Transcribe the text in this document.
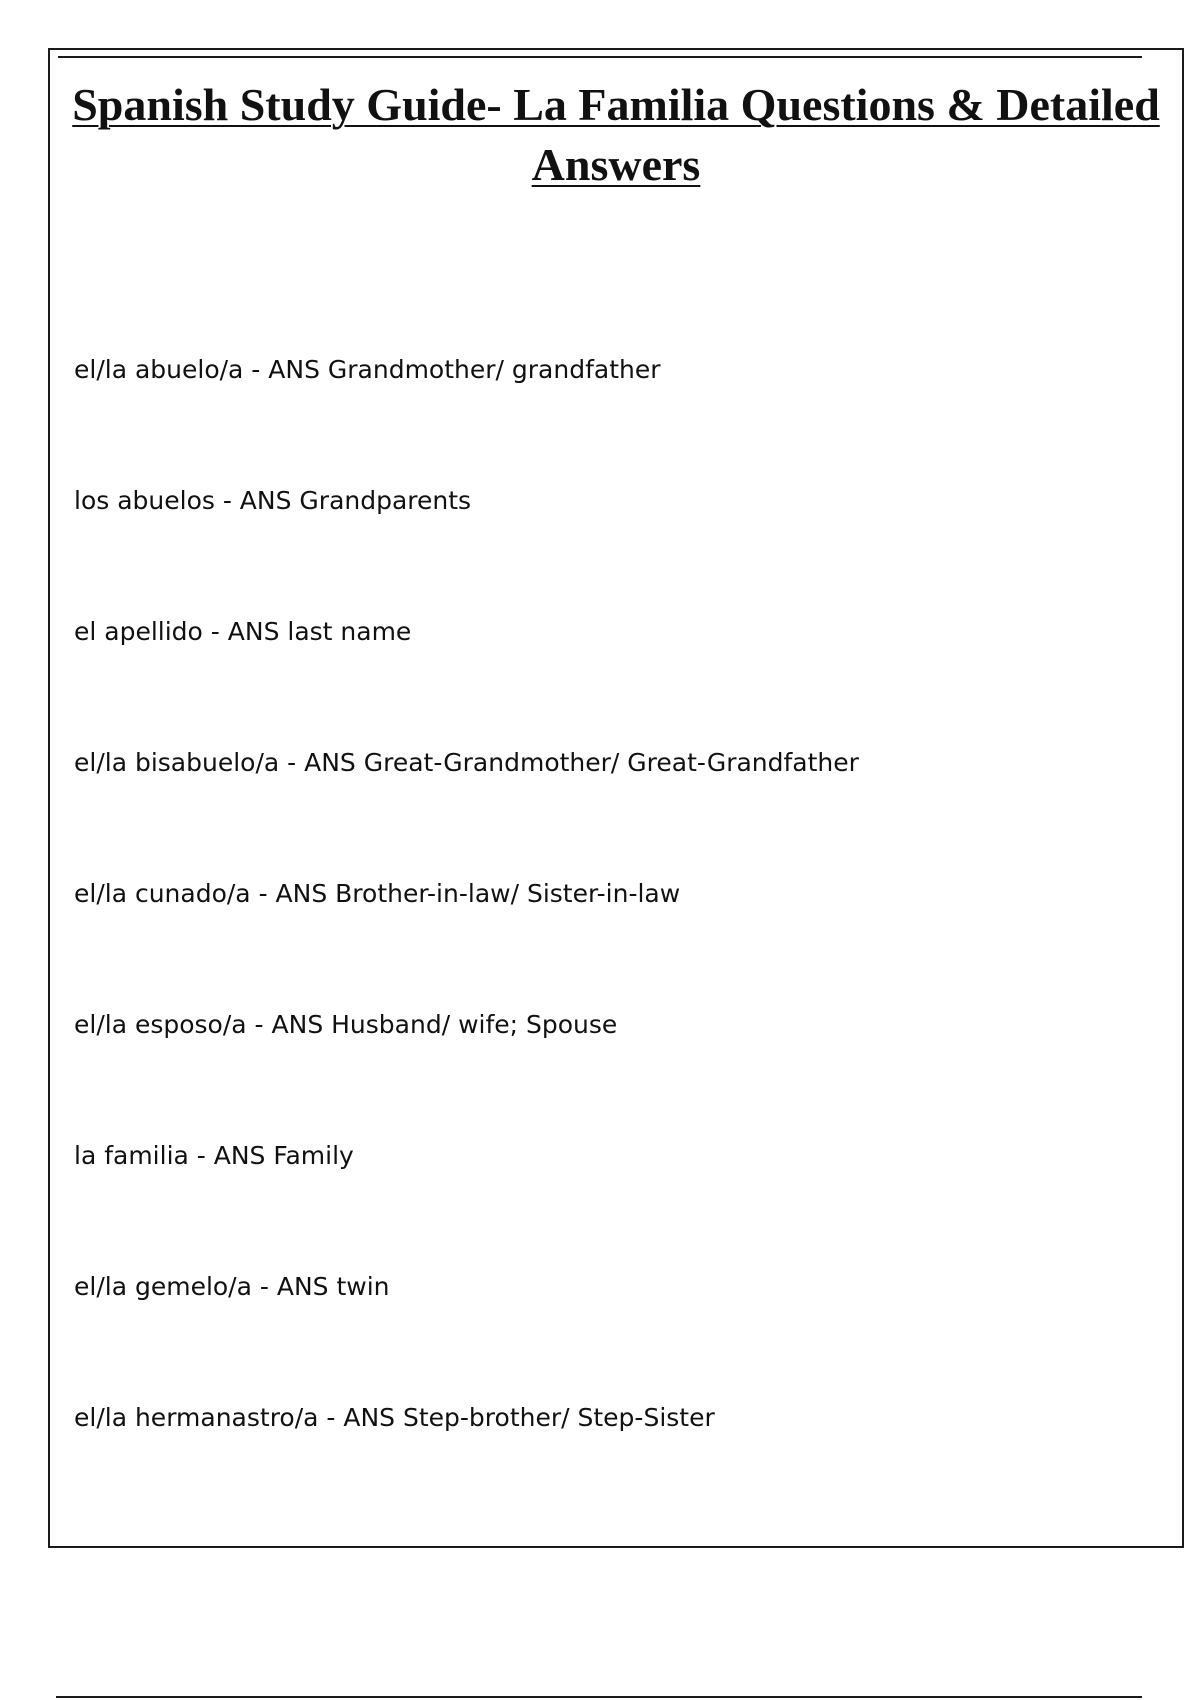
Spanish Study Guide- La Familia Questions & Detailed Answers
el/la abuelo/a - ANS Grandmother/ grandfather
los abuelos - ANS Grandparents
el apellido - ANS last name
el/la bisabuelo/a - ANS Great-Grandmother/ Great-Grandfather
el/la cunado/a - ANS Brother-in-law/ Sister-in-law
el/la esposo/a - ANS Husband/ wife; Spouse
la familia - ANS Family
el/la gemelo/a - ANS twin
el/la hermanastro/a - ANS Step-brother/ Step-Sister
